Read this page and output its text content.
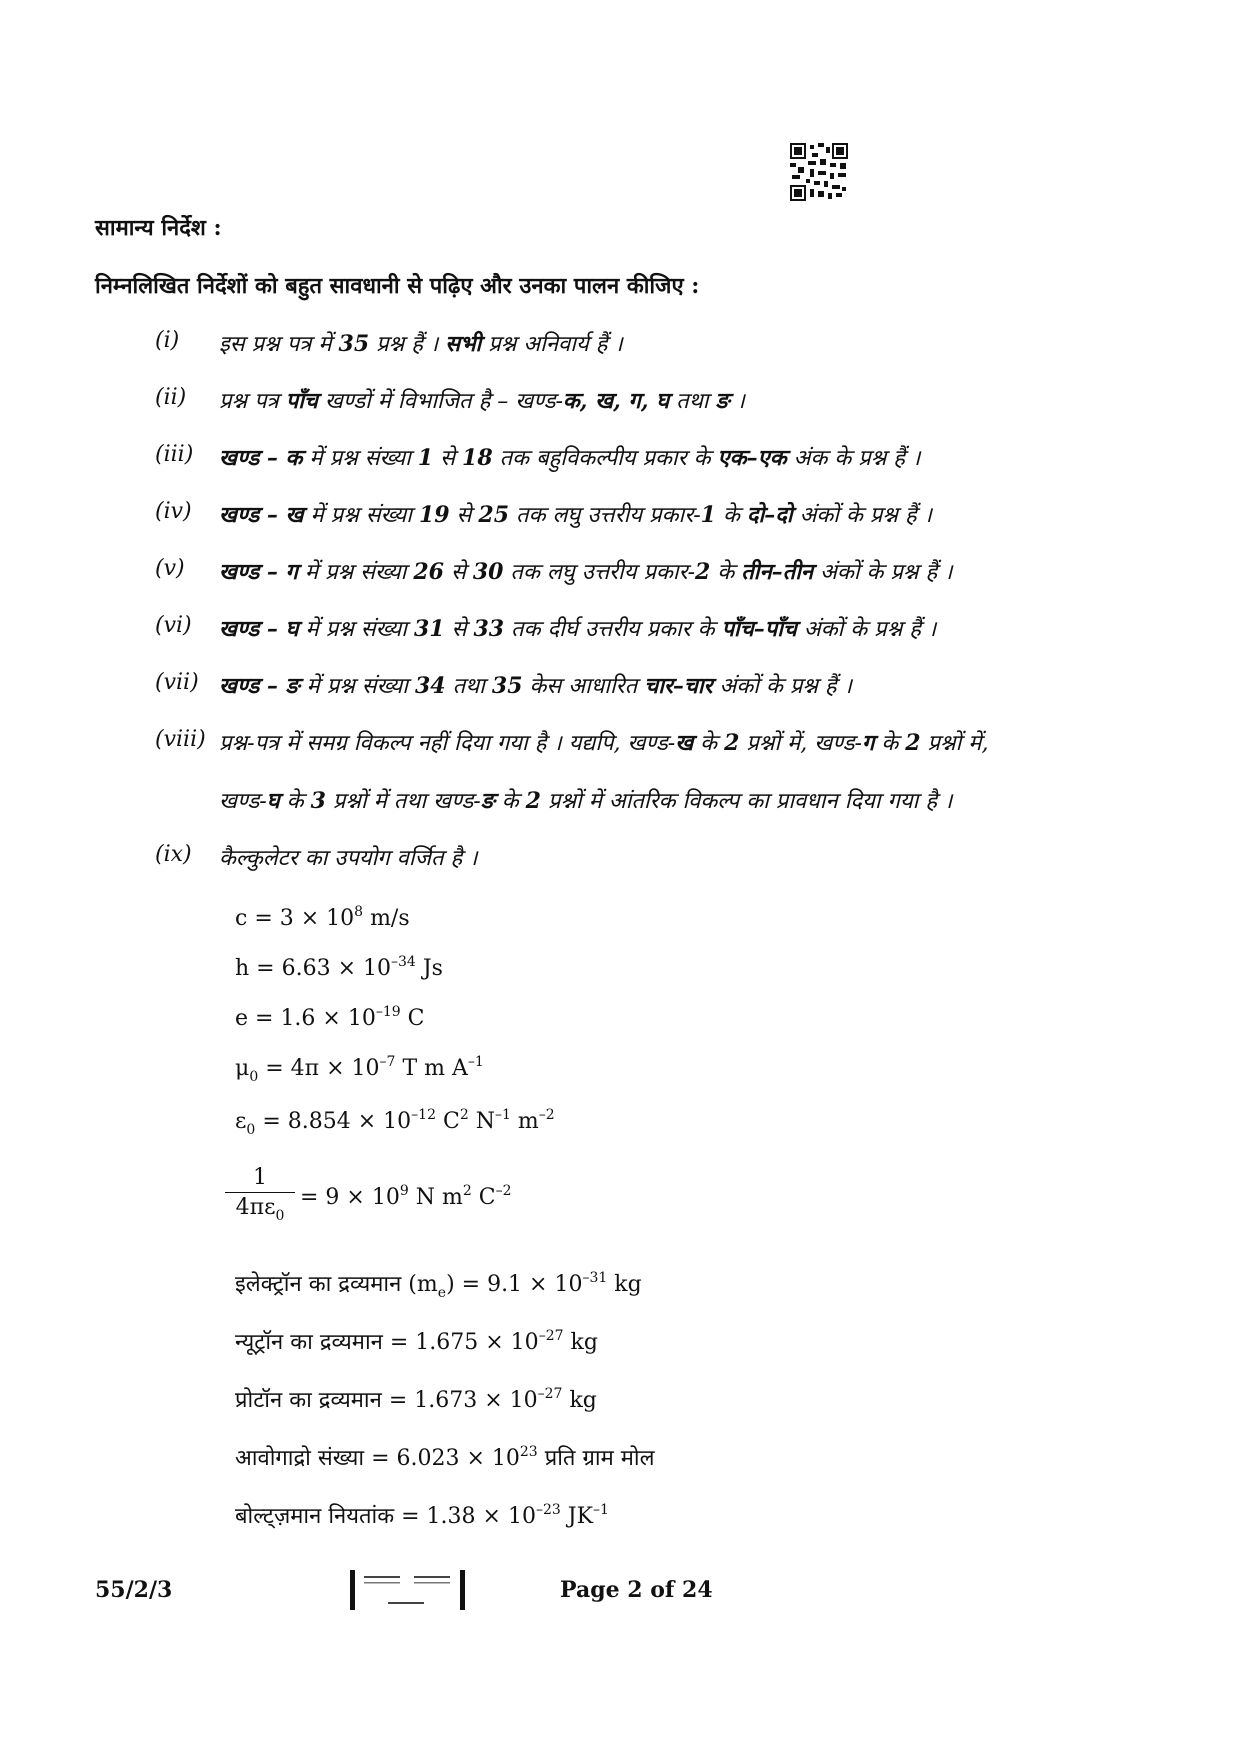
सामान्य निर्देश :
निम्नलिखित निर्देशों को बहुत सावधानी से पढ़िए और उनका पालन कीजिए :
(i) इस प्रश्न पत्र में 35 प्रश्न हैं । सभी प्रश्न अनिवार्य हैं ।
(ii) प्रश्न पत्र पाँच खण्डों में विभाजित है – खण्ड-क, ख, ग, घ तथा ङ ।
(iii) खण्ड – क में प्रश्न संख्या 1 से 18 तक बहुविकल्पीय प्रकार के एक–एक अंक के प्रश्न हैं ।
(iv) खण्ड – ख में प्रश्न संख्या 19 से 25 तक लघु उत्तरीय प्रकार-1 के दो–दो अंकों के प्रश्न हैं ।
(v) खण्ड – ग में प्रश्न संख्या 26 से 30 तक लघु उत्तरीय प्रकार-2 के तीन–तीन अंकों के प्रश्न हैं ।
(vi) खण्ड – घ में प्रश्न संख्या 31 से 33 तक दीर्घ उत्तरीय प्रकार के पाँच–पाँच अंकों के प्रश्न हैं ।
(vii) खण्ड – ङ में प्रश्न संख्या 34 तथा 35 केस आधारित चार–चार अंकों के प्रश्न हैं ।
(viii) प्रश्न-पत्र में समग्र विकल्प नहीं दिया गया है । यद्यपि, खण्ड-ख के 2 प्रश्नों में, खण्ड-ग के 2 प्रश्नों में,
खण्ड-घ के 3 प्रश्नों में तथा खण्ड-ङ के 2 प्रश्नों में आंतरिक विकल्प का प्रावधान दिया गया है ।
(ix) कैल्कुलेटर का उपयोग वर्जित है ।
$c = 3 \times 10^8$ m/s
$h = 6.63 \times 10^{-34}$ Js
$e = 1.6 \times 10^{-19}$ C
$\mu_0 = 4\pi \times 10^{-7}$ T m $A^{-1}$
$\varepsilon_0 = 8.854 \times 10^{-12}$ $C^2$ $N^{-1}$ $m^{-2}$
$\frac{1}{4\pi\varepsilon_0} = 9 \times 10^9$ N $m^2$ $C^{-2}$
इलेक्ट्रॉन का द्रव्यमान $(m_e) = 9.1 \times 10^{-31}$ kg
न्यूट्रॉन का द्रव्यमान = $1.675 \times 10^{-27}$ kg
प्रोटॉन का द्रव्यमान = $1.673 \times 10^{-27}$ kg
आवोगाद्रो संख्या = $6.023 \times 10^{23}$ प्रति ग्राम मोल
बोल्ट्ज़मान नियतांक = $1.38 \times 10^{-23}$ $JK^{-1}$
55/2/3	Page 2 of 24
